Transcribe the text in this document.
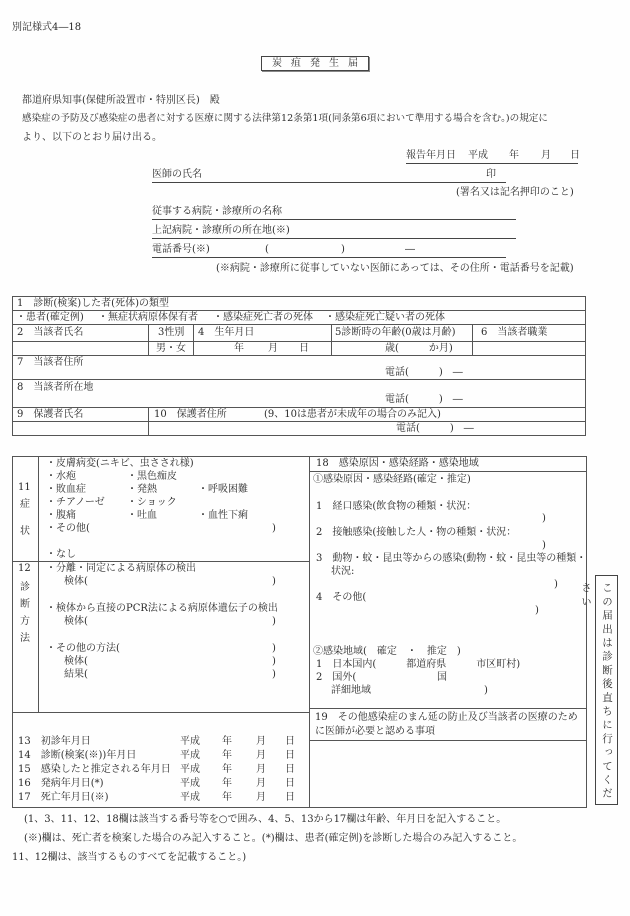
別記様式4―18
炭疽発生届
都道府県知事(保健所設置市・特別区長)　殿
感染症の予防及び感染症の患者に対する医療に関する法律第12条第1項(同条第6項において準用する場合を含む。)の規定に
より、以下のとおり届け出る。
報告年月日 平成 年 月 日
医師の氏名	印
(署名又は記名押印のこと)
従事する病院・診療所の名称
上記病院・診療所の所在地(※)
電話番号(※)	(	)	―
(※病院・診療所に従事していない医師にあっては、その住所・電話番号を記載)
1　診断(検案)した者(死体)の類型
・患者(確定例) ・無症状病原体保有者 ・感染症死亡者の死体 ・感染症死亡疑い者の死体
2　当該者氏名	3性別 4　生年月日	5診断時の年齢(0歳は月齢)	6　当該者職業
男・女	年 月 日	歳(　　　か月)
7　当該者住所
電話(　　　)　―
8　当該者所在地
電話(　　　)　―
9　保護者氏名	10　保護者住所	(9、10は患者が未成年の場合のみ記入)
電話(　　　)　―
11
症
状
・皮膚病変(ニキビ、虫さされ様)
・水疱	・黒色痂皮
・敗血症	・発熱	・呼吸困難
・チアノーゼ ・ショック
・腹痛	・吐血	・血性下痢
・その他(	)
・なし
12
診
断
方
法
・分離・同定による病原体の検出
検体(	)
・検体から直接のPCR法による病原体遺伝子の検出
検体(	)
・その他の方法(	)
検体(	)
結果(	)
18　感染原因・感染経路・感染地域
①感染原因・感染経路(確定・推定)
1　経口感染(飲食物の種類・状況：
)
2　接触感染(接触した人・物の種類・状況：
)
3　動物・蚊・昆虫等からの感染(動物・蚊・昆虫等の種類・
状況:
)
4　その他(
)
②感染地域(　確定　・　推定　)
1　日本国内(　　　都道府県　　　市区町村)
2　国外(	国
詳細地域	)
13　初診年月日	平成 年 月 日
14　診断(検案(※))年月日	平成 年 月 日
15　感染したと推定される年月日 平成 年 月 日
16　発病年月日(*)	平成 年 月 日
17　死亡年月日(※)	平成 年 月 日
19　その他感染症のまん延の防止及び当該者の医療のため
に医師が必要と認める事項	この届出は診断後直ちに行ってください
(1、3、11、12、18欄は該当する番号等を○で囲み、4、5、13から17欄は年齢、年月日を記入すること。
(※)欄は、死亡者を検案した場合のみ記入すること。(*)欄は、患者(確定例)を診断した場合のみ記入すること。
11、12欄は、該当するものすべてを記載すること。)
